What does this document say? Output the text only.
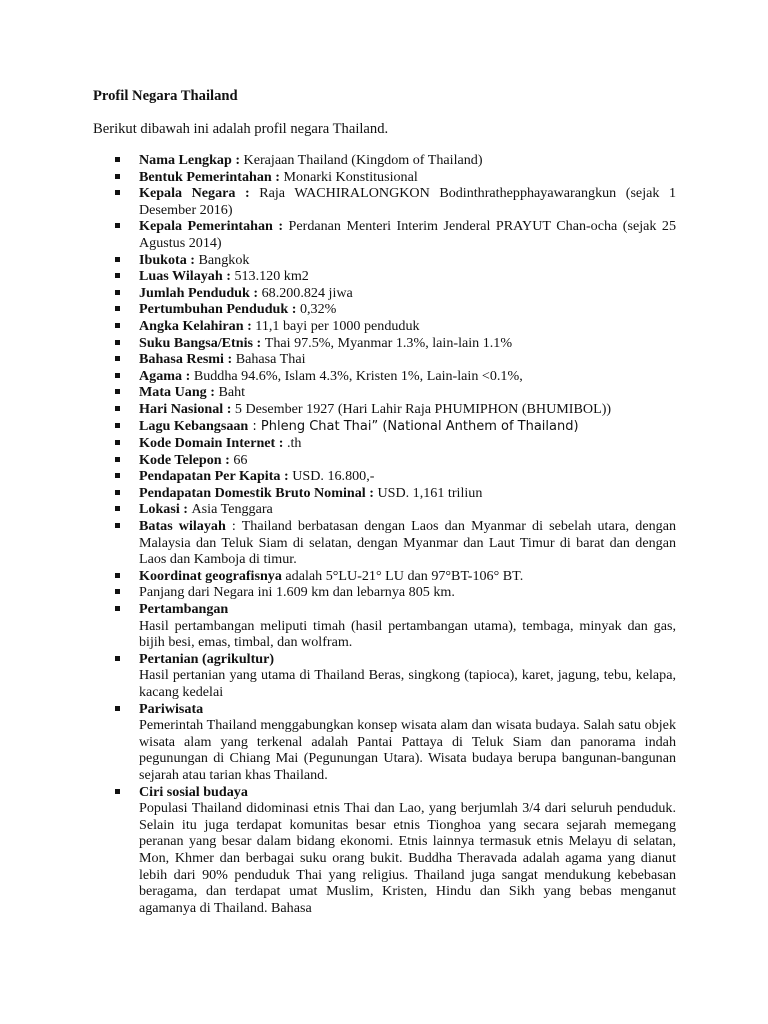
Profil Negara Thailand

Berikut dibawah ini adalah profil negara Thailand.

Nama Lengkap : Kerajaan Thailand (Kingdom of Thailand)
Bentuk Pemerintahan : Monarki Konstitusional
Kepala Negara : Raja WACHIRALONGKON Bodinthrathepphayawarangkun (sejak 1 Desember 2016)
Kepala Pemerintahan : Perdanan Menteri Interim Jenderal PRAYUT Chan-ocha (sejak 25 Agustus 2014)
Ibukota : Bangkok
Luas Wilayah : 513.120 km2
Jumlah Penduduk : 68.200.824 jiwa
Pertumbuhan Penduduk : 0,32%
Angka Kelahiran : 11,1 bayi per 1000 penduduk
Suku Bangsa/Etnis : Thai 97.5%, Myanmar 1.3%, lain-lain 1.1%
Bahasa Resmi : Bahasa Thai
Agama : Buddha 94.6%, Islam 4.3%, Kristen 1%, Lain-lain <0.1%,
Mata Uang : Baht
Hari Nasional : 5 Desember 1927 (Hari Lahir Raja PHUMIPHON (BHUMIBOL))
Lagu Kebangsaan : Phleng Chat Thai” (National Anthem of Thailand)
Kode Domain Internet : .th
Kode Telepon : 66
Pendapatan Per Kapita : USD. 16.800,-
Pendapatan Domestik Bruto Nominal : USD. 1,161 triliun
Lokasi : Asia Tenggara
Batas wilayah : Thailand berbatasan dengan Laos dan Myanmar di sebelah utara, dengan Malaysia dan Teluk Siam di selatan, dengan Myanmar dan Laut Timur di barat dan dengan Laos dan Kamboja di timur.
Koordinat geografisnya adalah 5°LU-21° LU dan 97°BT-106° BT.
Panjang dari Negara ini 1.609 km dan lebarnya 805 km.
Pertambangan
Hasil pertambangan meliputi timah (hasil pertambangan utama), tembaga, minyak dan gas, bijih besi, emas, timbal, dan wolfram.
Pertanian (agrikultur)
Hasil pertanian yang utama di Thailand Beras, singkong (tapioca), karet, jagung, tebu, kelapa, kacang kedelai
Pariwisata
Pemerintah Thailand menggabungkan konsep wisata alam dan wisata budaya. Salah satu objek wisata alam yang terkenal adalah Pantai Pattaya di Teluk Siam dan panorama indah pegunungan di Chiang Mai (Pegunungan Utara). Wisata budaya berupa bangunan-bangunan sejarah atau tarian khas Thailand.
Ciri sosial budaya
Populasi Thailand didominasi etnis Thai dan Lao, yang berjumlah 3/4 dari seluruh penduduk. Selain itu juga terdapat komunitas besar etnis Tionghoa yang secara sejarah memegang peranan yang besar dalam bidang ekonomi. Etnis lainnya termasuk etnis Melayu di selatan, Mon, Khmer dan berbagai suku orang bukit. Buddha Theravada adalah agama yang dianut lebih dari 90% penduduk Thai yang religius. Thailand juga sangat mendukung kebebasan beragama, dan terdapat umat Muslim, Kristen, Hindu dan Sikh yang bebas menganut agamanya di Thailand. Bahasa
